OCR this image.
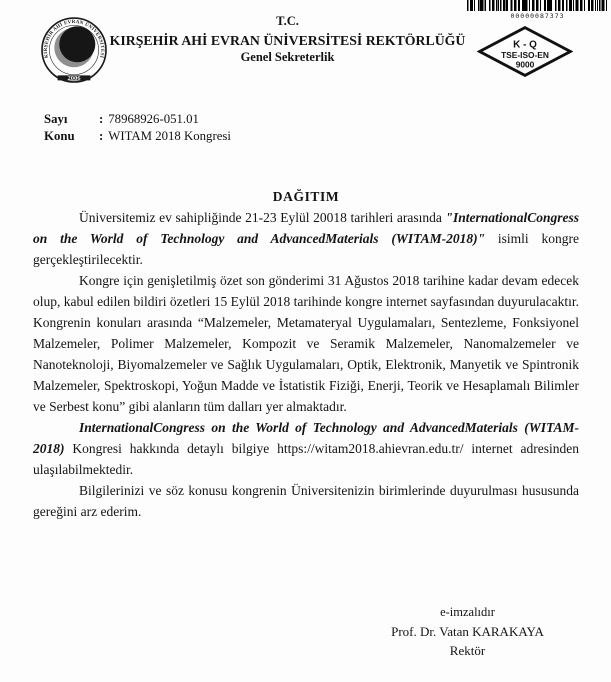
00000087373
KIRŞEHİR AHİ EVRAN ÜNİVERSİTESİ
2006
T.C.
KIRŞEHİR AHİ EVRAN ÜNİVERSİTESİ REKTÖRLÜĞÜ
Genel Sekreterlik
K - Q
TSE-ISO-EN
9000
Sayı	: 78968926-051.01
Konu	: WITAM 2018 Kongresi
DAĞITIM

Üniversitemiz ev sahipliğinde 21-23 Eylül 20018 tarihleri arasında "InternationalCongress on the World of Technology and AdvancedMaterials (WITAM-2018)" isimli kongre gerçekleştirilecektir.

Kongre için genişletilmiş özet son gönderimi 31 Ağustos 2018 tarihine kadar devam edecek olup, kabul edilen bildiri özetleri 15 Eylül 2018 tarihinde kongre internet sayfasından duyurulacaktır. Kongrenin konuları arasında “Malzemeler, Metamateryal Uygulamaları, Sentezleme, Fonksiyonel Malzemeler, Polimer Malzemeler, Kompozit ve Seramik Malzemeler, Nanomalzemeler ve Nanoteknoloji, Biyomalzemeler ve Sağlık Uygulamaları, Optik, Elektronik, Manyetik ve Spintronik Malzemeler, Spektroskopi, Yoğun Madde ve İstatistik Fiziği, Enerji, Teorik ve Hesaplamalı Bilimler ve Serbest konu” gibi alanların tüm dalları yer almaktadır.

InternationalCongress on the World of Technology and AdvancedMaterials (WITAM-2018) Kongresi hakkında detaylı bilgiye https://witam2018.ahievran.edu.tr/ internet adresinden ulaşılabilmektedir.

Bilgilerinizi ve söz konusu kongrenin Üniversitenizin birimlerinde duyurulması hususunda gereğini arz ederim.

e-imzalıdır
Prof. Dr. Vatan KARAKAYA
Rektör
